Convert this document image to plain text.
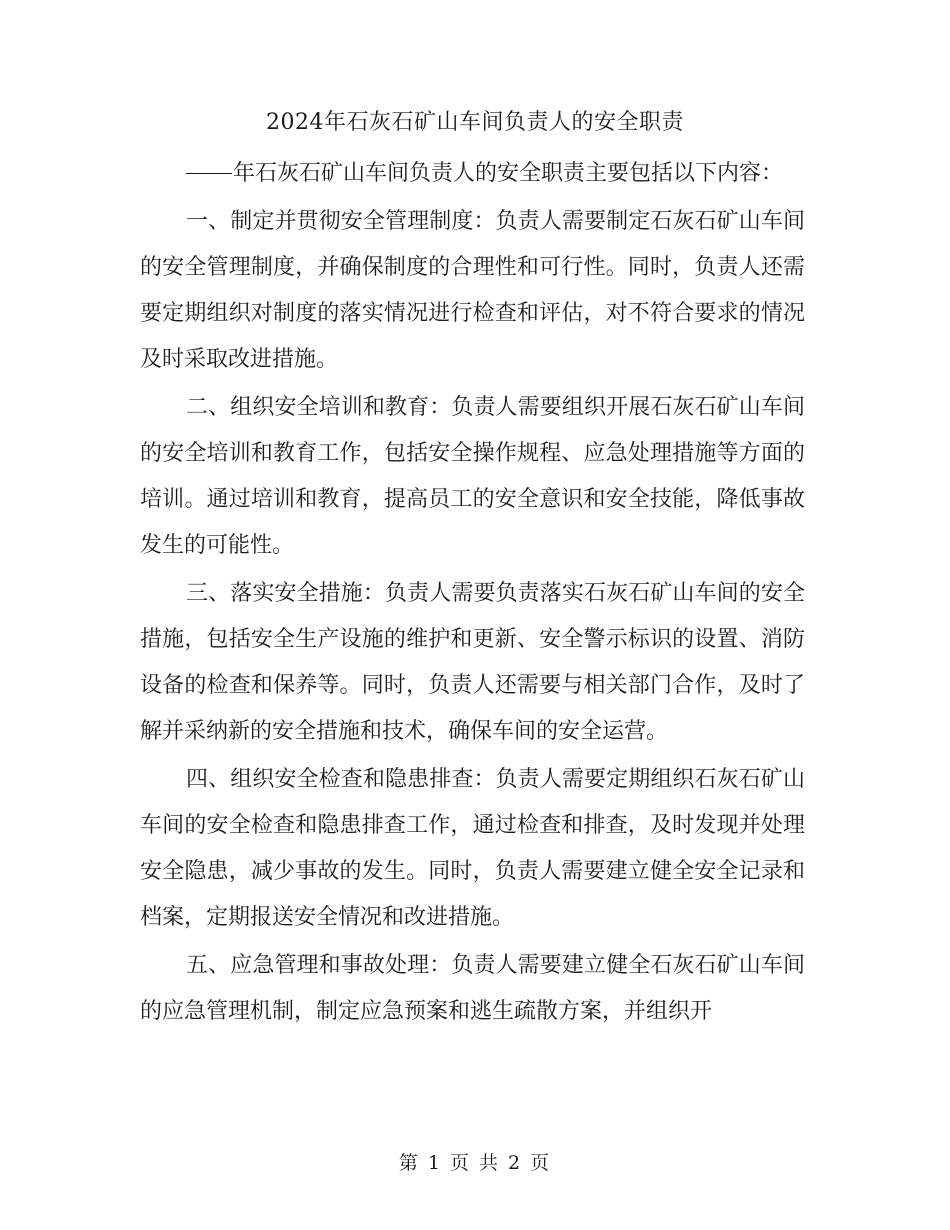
2024年石灰石矿山车间负责人的安全职责

年石灰石矿山车间负责人的安全职责主要包括以下内容：

一、制定并贯彻安全管理制度：负责人需要制定石灰石矿山车间的安全管理制度，并确保制度的合理性和可行性。同时，负责人还需要定期组织对制度的落实情况进行检查和评估，对不符合要求的情况及时采取改进措施。

二、组织安全培训和教育：负责人需要组织开展石灰石矿山车间的安全培训和教育工作，包括安全操作规程、应急处理措施等方面的培训。通过培训和教育，提高员工的安全意识和安全技能，降低事故发生的可能性。

三、落实安全措施：负责人需要负责落实石灰石矿山车间的安全措施，包括安全生产设施的维护和更新、安全警示标识的设置、消防设备的检查和保养等。同时，负责人还需要与相关部门合作，及时了解并采纳新的安全措施和技术，确保车间的安全运营。

四、组织安全检查和隐患排查：负责人需要定期组织石灰石矿山车间的安全检查和隐患排查工作，通过检查和排查，及时发现并处理安全隐患，减少事故的发生。同时，负责人需要建立健全安全记录和档案，定期报送安全情况和改进措施。

五、应急管理和事故处理：负责人需要建立健全石灰石矿山车间的应急管理机制，制定应急预案和逃生疏散方案，并组织开

第 1 页 共 2 页
